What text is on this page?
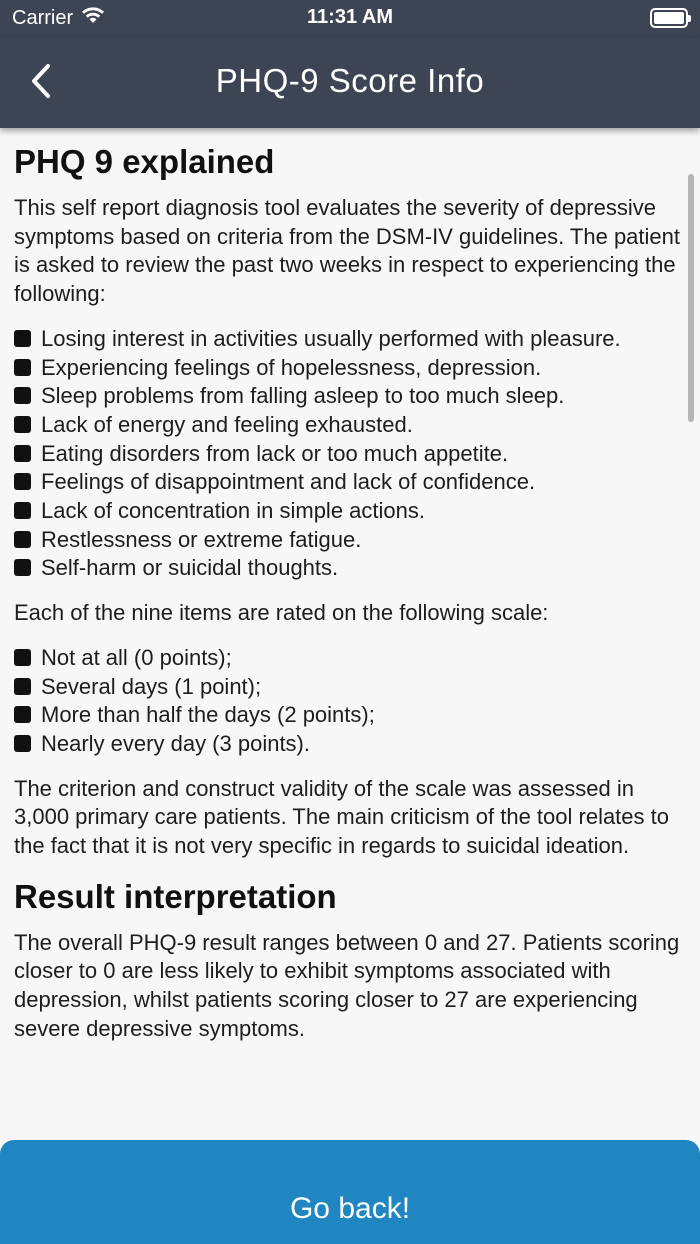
Carrier	11:31 AM
PHQ-9 Score Info
PHQ 9 explained

This self report diagnosis tool evaluates the severity of depressive symptoms based on criteria from the DSM-IV guidelines. The patient is asked to review the past two weeks in respect to experiencing the following:

Losing interest in activities usually performed with pleasure.
Experiencing feelings of hopelessness, depression.
Sleep problems from falling asleep to too much sleep.
Lack of energy and feeling exhausted.
Eating disorders from lack or too much appetite.
Feelings of disappointment and lack of confidence.
Lack of concentration in simple actions.
Restlessness or extreme fatigue.
Self-harm or suicidal thoughts.

Each of the nine items are rated on the following scale:

Not at all (0 points);
Several days (1 point);
More than half the days (2 points);
Nearly every day (3 points).

The criterion and construct validity of the scale was assessed in 3,000 primary care patients. The main criticism of the tool relates to the fact that it is not very specific in regards to suicidal ideation.

Result interpretation

The overall PHQ-9 result ranges between 0 and 27. Patients scoring closer to 0 are less likely to exhibit symptoms associated with depression, whilst patients scoring closer to 27 are experiencing severe depressive symptoms.

Go back!
